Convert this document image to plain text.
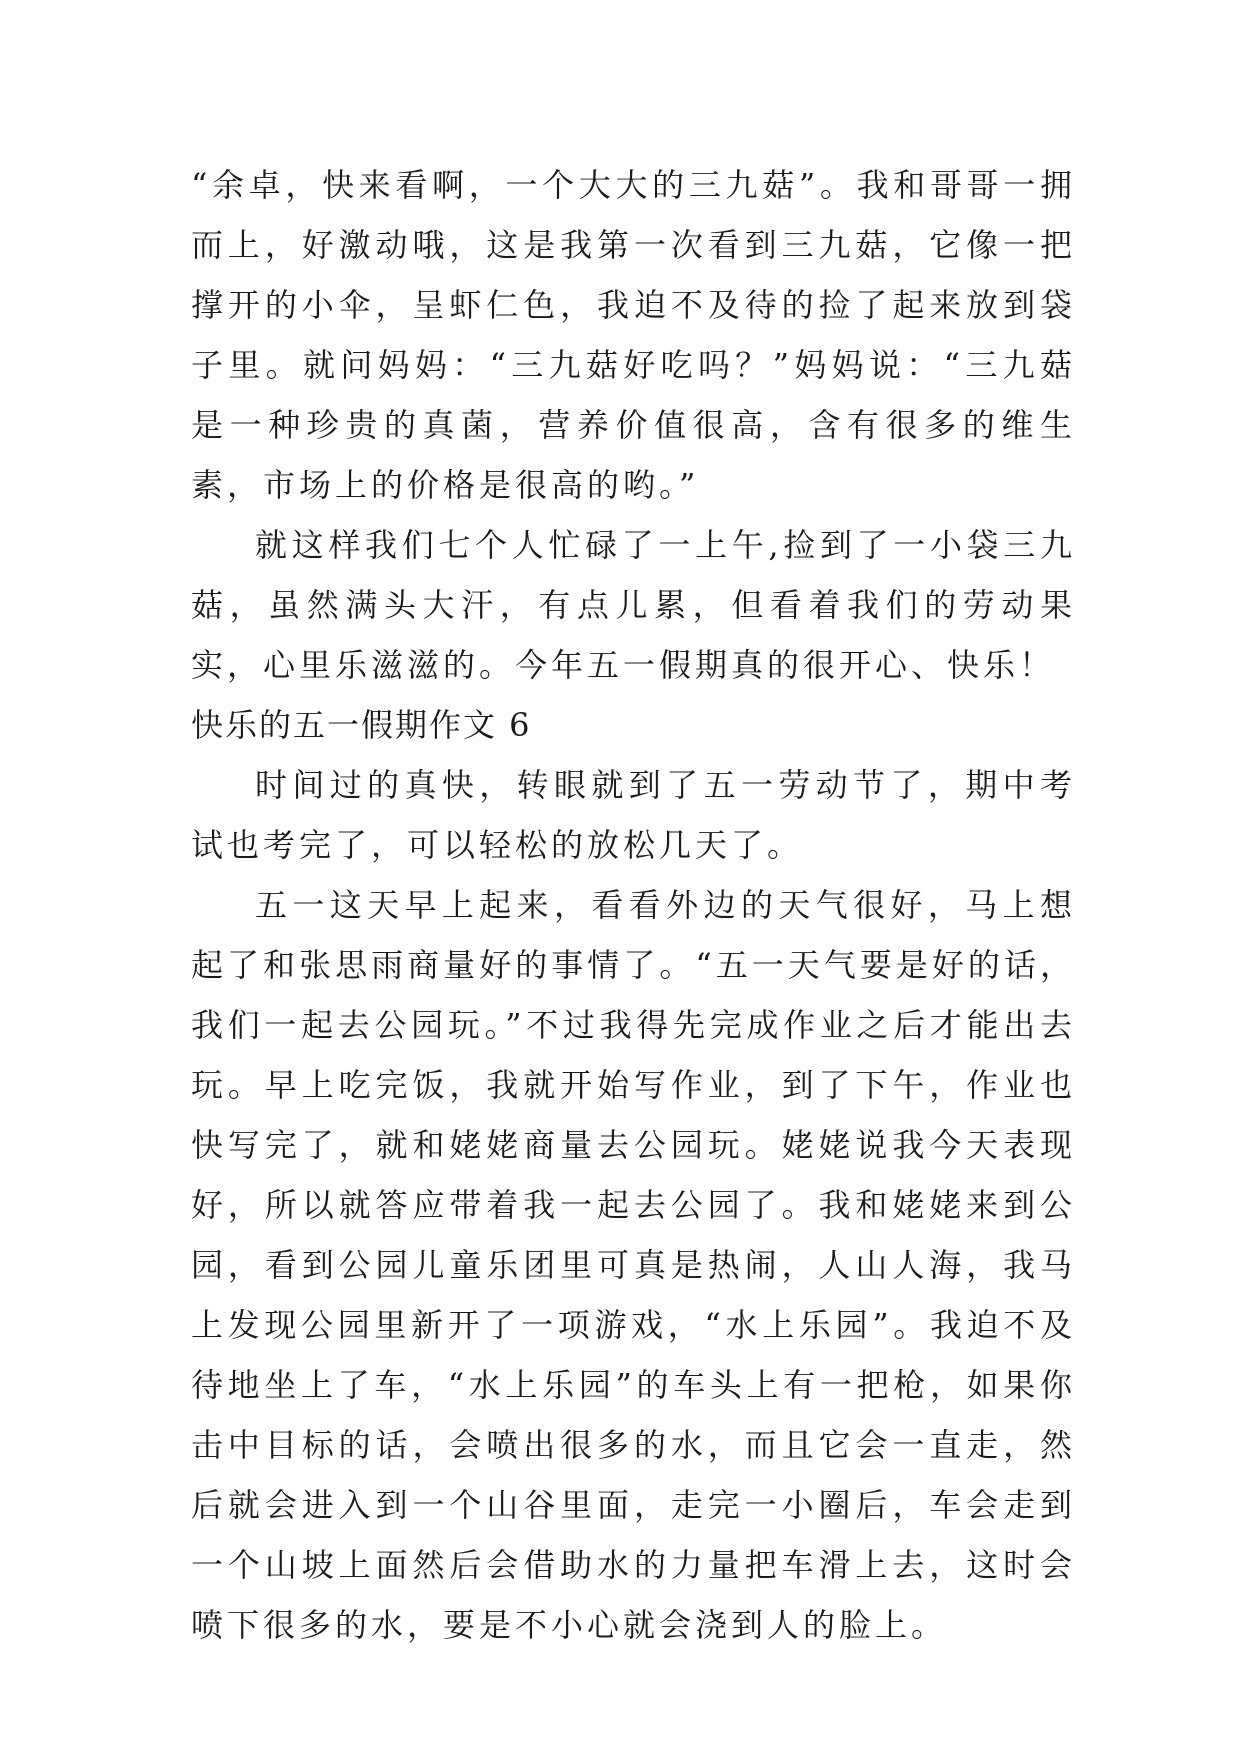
“余卓，快来看啊，一个大大的三九菇”。我和哥哥一拥而上，好激动哦，这是我第一次看到三九菇，它像一把撑开的小伞，呈虾仁色，我迫不及待的捡了起来放到袋子里。就问妈妈：“三九菇好吃吗？”妈妈说：“三九菇是一种珍贵的真菌，营养价值很高，含有很多的维生素，市场上的价格是很高的哟。”

就这样我们七个人忙碌了一上午,捡到了一小袋三九菇，虽然满头大汗，有点儿累，但看着我们的劳动果实，心里乐滋滋的。今年五一假期真的很开心、快乐！

快乐的五一假期作文 6

时间过的真快，转眼就到了五一劳动节了，期中考试也考完了，可以轻松的放松几天了。

五一这天早上起来，看看外边的天气很好，马上想起了和张思雨商量好的事情了。“五一天气要是好的话，我们一起去公园玩。”不过我得先完成作业之后才能出去玩。早上吃完饭，我就开始写作业，到了下午，作业也快写完了，就和姥姥商量去公园玩。姥姥说我今天表现好，所以就答应带着我一起去公园了。我和姥姥来到公园，看到公园儿童乐团里可真是热闹，人山人海，我马上发现公园里新开了一项游戏，“水上乐园”。我迫不及待地坐上了车，“水上乐园”的车头上有一把枪，如果你击中目标的话，会喷出很多的水，而且它会一直走，然后就会进入到一个山谷里面，走完一小圈后，车会走到一个山坡上面然后会借助水的力量把车滑上去，这时会喷下很多的水，要是不小心就会浇到人的脸上。
